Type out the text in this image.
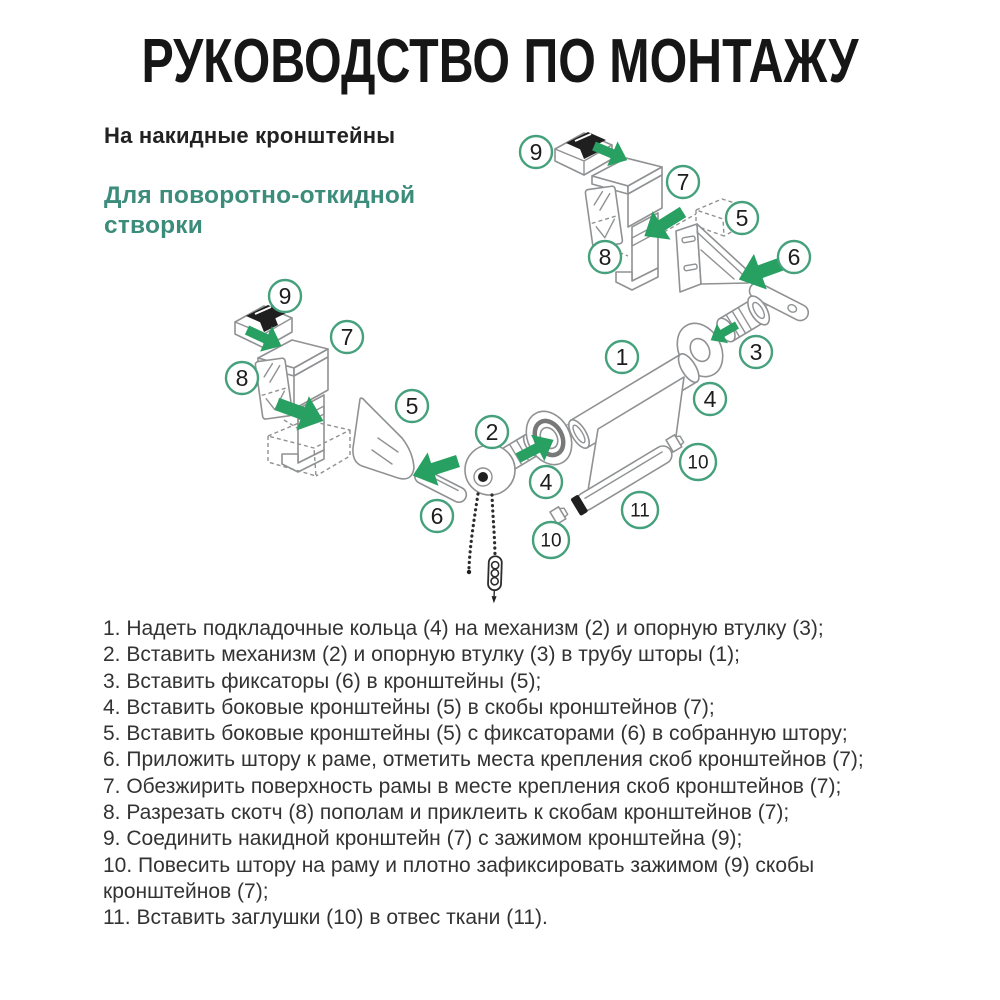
РУКОВОДСТВО ПО МОНТАЖУ
На накидные кронштейны
Для поворотно-откидной створки
9
7
5
6
8
3
1
4
9
7
8
5
2
4
6
10
11
10

1. Надеть подкладочные кольца (4) на механизм (2) и опорную втулку (3);

2. Вставить механизм (2) и опорную втулку (3) в трубу шторы (1);

3. Вставить фиксаторы (6) в кронштейны (5);

4. Вставить боковые кронштейны (5) в скобы кронштейнов (7);

5. Вставить боковые кронштейны (5) с фиксаторами (6) в собранную штору;

6. Приложить штору к раме, отметить места крепления скоб кронштейнов (7);

7. Обезжирить поверхность рамы в месте крепления скоб кронштейнов (7);

8. Разрезать скотч (8) пополам и приклеить к скобам кронштейнов (7);

9. Соединить накидной кронштейн (7) с зажимом кронштейна (9);

10. Повесить штору на раму и плотно зафиксировать зажимом (9) скобы кронштейнов (7);

11. Вставить заглушки (10) в отвес ткани (11).
